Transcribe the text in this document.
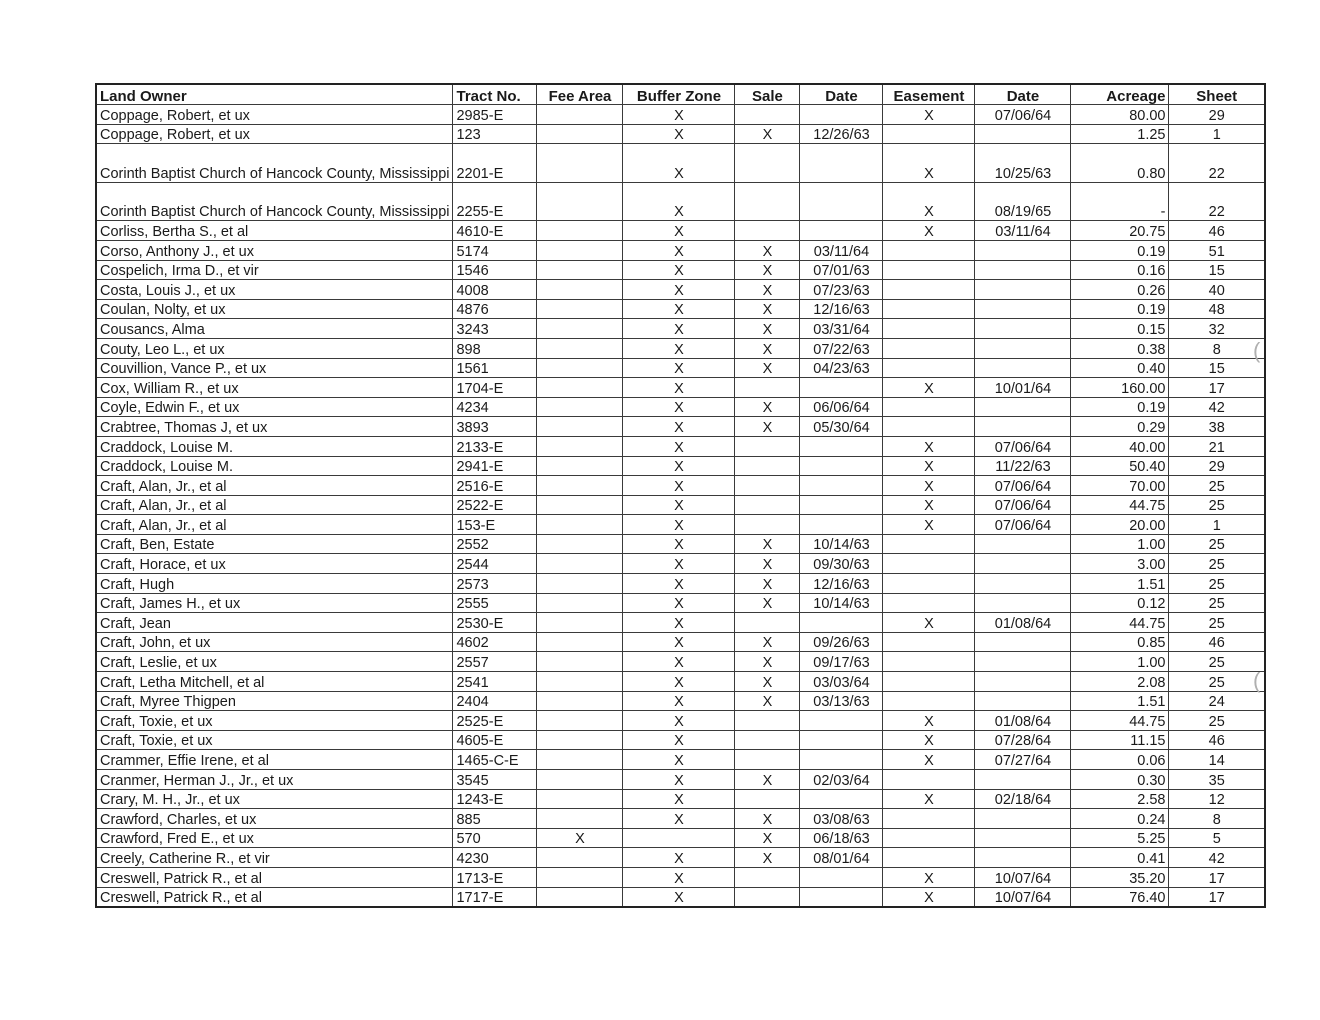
Land Owner	Tract No.	Fee Area	Buffer Zone	Sale	Date	Easement	Date	Acreage	Sheet
Coppage, Robert, et ux	2985-E		X			X	07/06/64	80.00	29
Coppage, Robert, et ux	123		X	X	12/26/63			1.25	1
Corinth Baptist Church of Hancock County, Mississippi	2201-E		X			X	10/25/63	0.80	22
Corinth Baptist Church of Hancock County, Mississippi	2255-E		X			X	08/19/65	-	22
Corliss, Bertha S., et al	4610-E		X			X	03/11/64	20.75	46
Corso, Anthony J., et ux	5174		X	X	03/11/64			0.19	51
Cospelich, Irma D., et vir	1546		X	X	07/01/63			0.16	15
Costa, Louis J., et ux	4008		X	X	07/23/63			0.26	40
Coulan, Nolty, et ux	4876		X	X	12/16/63			0.19	48
Cousancs, Alma	3243		X	X	03/31/64			0.15	32
Couty, Leo L., et ux	898		X	X	07/22/63			0.38	8
Couvillion, Vance P., et ux	1561		X	X	04/23/63			0.40	15
Cox, William R., et ux	1704-E		X			X	10/01/64	160.00	17
Coyle, Edwin F., et ux	4234		X	X	06/06/64			0.19	42
Crabtree, Thomas J, et ux	3893		X	X	05/30/64			0.29	38
Craddock, Louise M.	2133-E		X			X	07/06/64	40.00	21
Craddock, Louise M.	2941-E		X			X	11/22/63	50.40	29
Craft, Alan, Jr., et al	2516-E		X			X	07/06/64	70.00	25
Craft, Alan, Jr., et al	2522-E		X			X	07/06/64	44.75	25
Craft, Alan, Jr., et al	153-E		X			X	07/06/64	20.00	1
Craft, Ben, Estate	2552		X	X	10/14/63			1.00	25
Craft, Horace, et ux	2544		X	X	09/30/63			3.00	25
Craft, Hugh	2573		X	X	12/16/63			1.51	25
Craft, James H., et ux	2555		X	X	10/14/63			0.12	25
Craft, Jean	2530-E		X			X	01/08/64	44.75	25
Craft, John, et ux	4602		X	X	09/26/63			0.85	46
Craft, Leslie, et ux	2557		X	X	09/17/63			1.00	25
Craft, Letha Mitchell, et al	2541		X	X	03/03/64			2.08	25
Craft, Myree Thigpen	2404		X	X	03/13/63			1.51	24
Craft, Toxie, et ux	2525-E		X			X	01/08/64	44.75	25
Craft, Toxie, et ux	4605-E		X			X	07/28/64	11.15	46
Crammer, Effie Irene, et al	1465-C-E		X			X	07/27/64	0.06	14
Cranmer, Herman J., Jr., et ux	3545		X	X	02/03/64			0.30	35
Crary, M. H., Jr., et ux	1243-E		X			X	02/18/64	2.58	12
Crawford, Charles, et ux	885		X	X	03/08/63			0.24	8
Crawford, Fred E., et ux	570	X		X	06/18/63			5.25	5
Creely, Catherine R., et vir	4230		X	X	08/01/64			0.41	42
Creswell, Patrick R., et al	1713-E		X			X	10/07/64	35.20	17
Creswell, Patrick R., et al	1717-E		X			X	10/07/64	76.40	17
(
(
